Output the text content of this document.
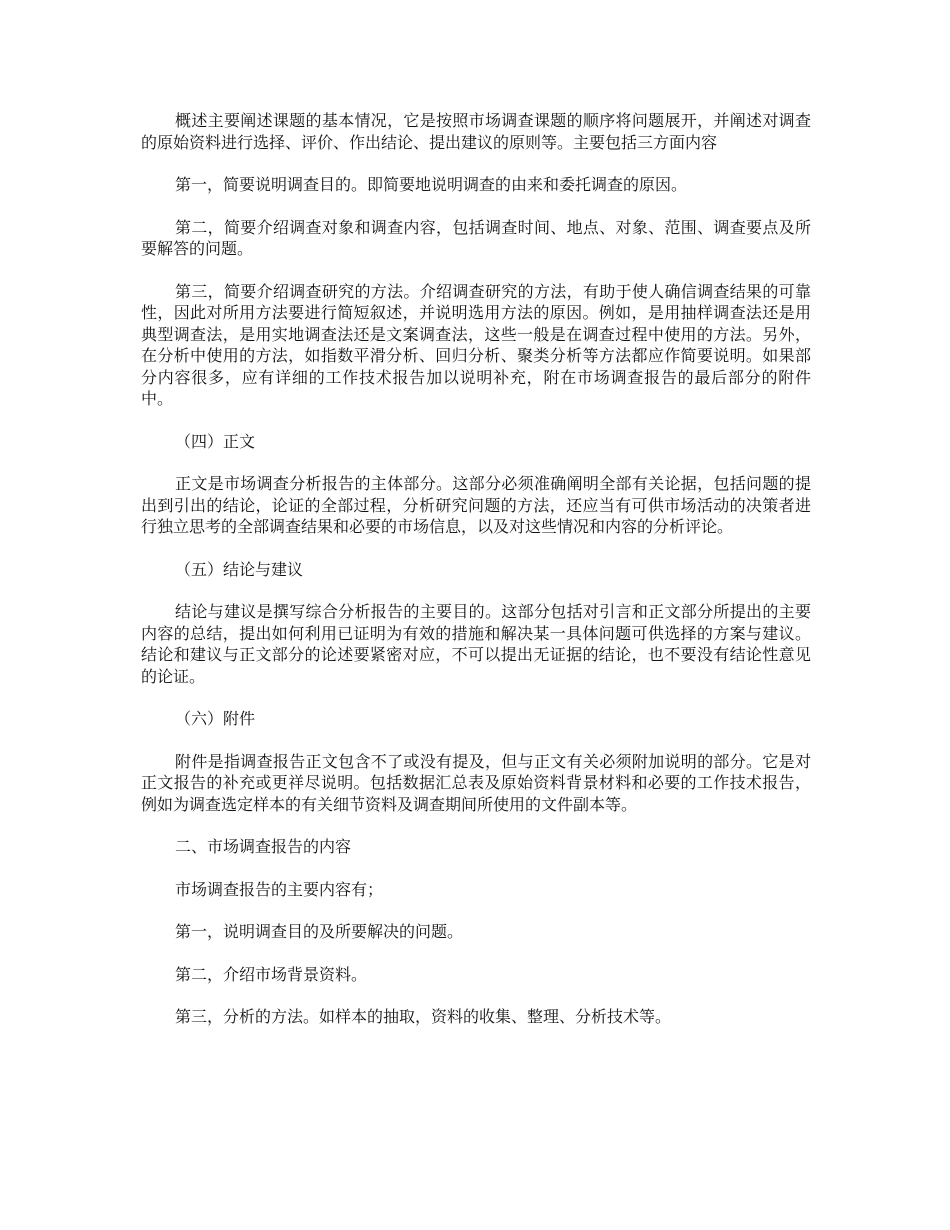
概述主要阐述课题的基本情况，它是按照市场调查课题的顺序将问题展开，并阐述对调查的原始资料进行选择、评价、作出结论、提出建议的原则等。主要包括三方面内容

第一，简要说明调查目的。即简要地说明调查的由来和委托调查的原因。

第二，简要介绍调查对象和调查内容，包括调查时间、地点、对象、范围、调查要点及所要解答的问题。

第三，简要介绍调查研究的方法。介绍调查研究的方法，有助于使人确信调查结果的可靠性，因此对所用方法要进行简短叙述，并说明选用方法的原因。例如，是用抽样调查法还是用典型调查法，是用实地调查法还是文案调查法，这些一般是在调查过程中使用的方法。另外，在分析中使用的方法，如指数平滑分析、回归分析、聚类分析等方法都应作简要说明。如果部分内容很多，应有详细的工作技术报告加以说明补充，附在市场调查报告的最后部分的附件中。

（四）正文

正文是市场调查分析报告的主体部分。这部分必须准确阐明全部有关论据，包括问题的提出到引出的结论，论证的全部过程，分析研究问题的方法，还应当有可供市场活动的决策者进行独立思考的全部调查结果和必要的市场信息，以及对这些情况和内容的分析评论。

（五）结论与建议

结论与建议是撰写综合分析报告的主要目的。这部分包括对引言和正文部分所提出的主要内容的总结，提出如何利用已证明为有效的措施和解决某一具体问题可供选择的方案与建议。结论和建议与正文部分的论述要紧密对应，不可以提出无证据的结论，也不要没有结论性意见的论证。

（六）附件

附件是指调查报告正文包含不了或没有提及，但与正文有关必须附加说明的部分。它是对正文报告的补充或更祥尽说明。包括数据汇总表及原始资料背景材料和必要的工作技术报告，例如为调查选定样本的有关细节资料及调查期间所使用的文件副本等。

二、市场调查报告的内容

市场调查报告的主要内容有；

第一，说明调查目的及所要解决的问题。

第二，介绍市场背景资料。

第三，分析的方法。如样本的抽取，资料的收集、整理、分析技术等。
